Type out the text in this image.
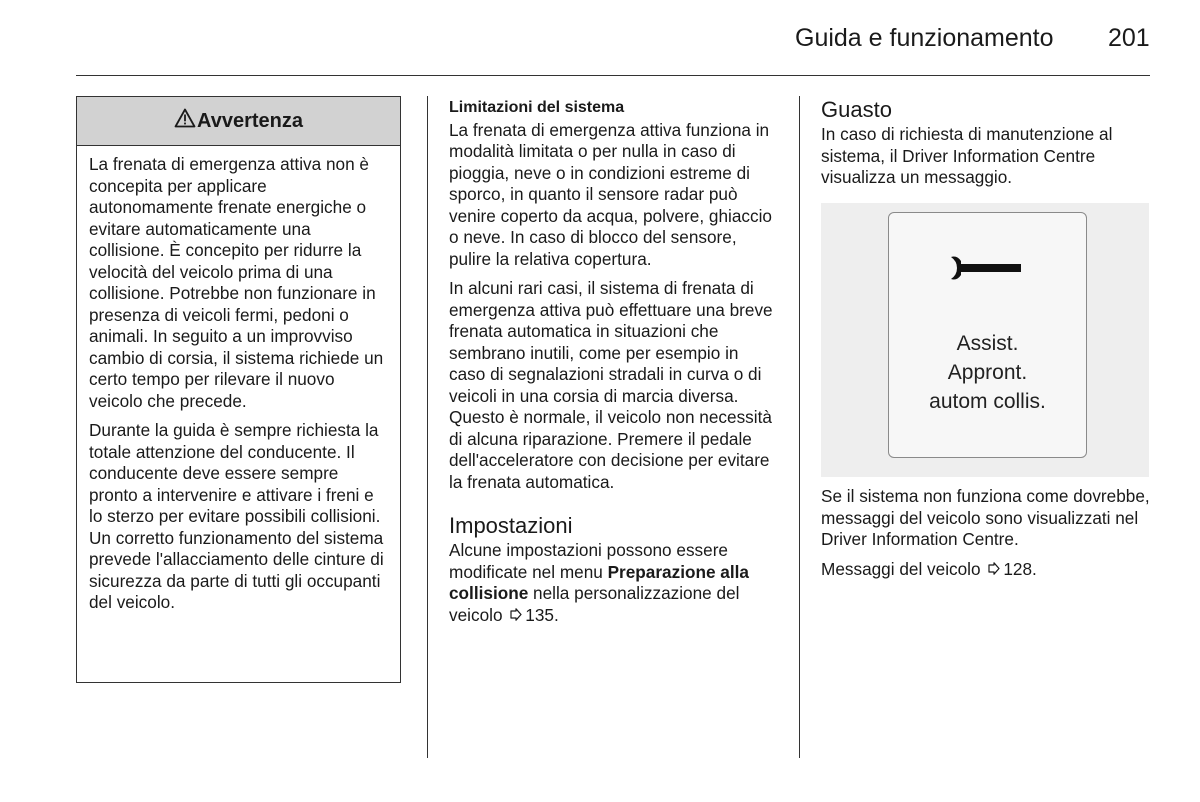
Guida e funzionamento 201
Avvertenza

La frenata di emergenza attiva non è concepita per applicare autonomamente frenate energiche o evitare automaticamente una collisione. È concepito per ridurre la velocità del veicolo prima di una collisione. Potrebbe non funzionare in presenza di veicoli fermi, pedoni o animali. In seguito a un improvviso cambio di corsia, il sistema richiede un certo tempo per rilevare il nuovo veicolo che precede.

Durante la guida è sempre richiesta la totale attenzione del conducente. Il conducente deve essere sempre pronto a intervenire e attivare i freni e lo sterzo per evitare possibili collisioni. Un corretto funzionamento del sistema prevede l'allacciamento delle cinture di sicurezza da parte di tutti gli occupanti del veicolo.

Limitazioni del sistema

La frenata di emergenza attiva funziona in modalità limitata o per nulla in caso di pioggia, neve o in condizioni estreme di sporco, in quanto il sensore radar può venire coperto da acqua, polvere, ghiaccio o neve. In caso di blocco del sensore, pulire la relativa copertura.

In alcuni rari casi, il sistema di frenata di emergenza attiva può effettuare una breve frenata automatica in situazioni che sembrano inutili, come per esempio in caso di segnalazioni stradali in curva o di veicoli in una corsia di marcia diversa. Questo è normale, il veicolo non necessità di alcuna riparazione. Premere il pedale dell'acceleratore con decisione per evitare la frenata automatica.

Impostazioni

Alcune impostazioni possono essere modificate nel menu Preparazione alla collisione nella personalizzazione del veicolo 135.

Guasto

In caso di richiesta di manutenzione al sistema, il Driver Information Centre visualizza un messaggio.

Assist.
Appront.
autom collis.

Se il sistema non funziona come dovrebbe, messaggi del veicolo sono visualizzati nel Driver Information Centre.

Messaggi del veicolo 128.
